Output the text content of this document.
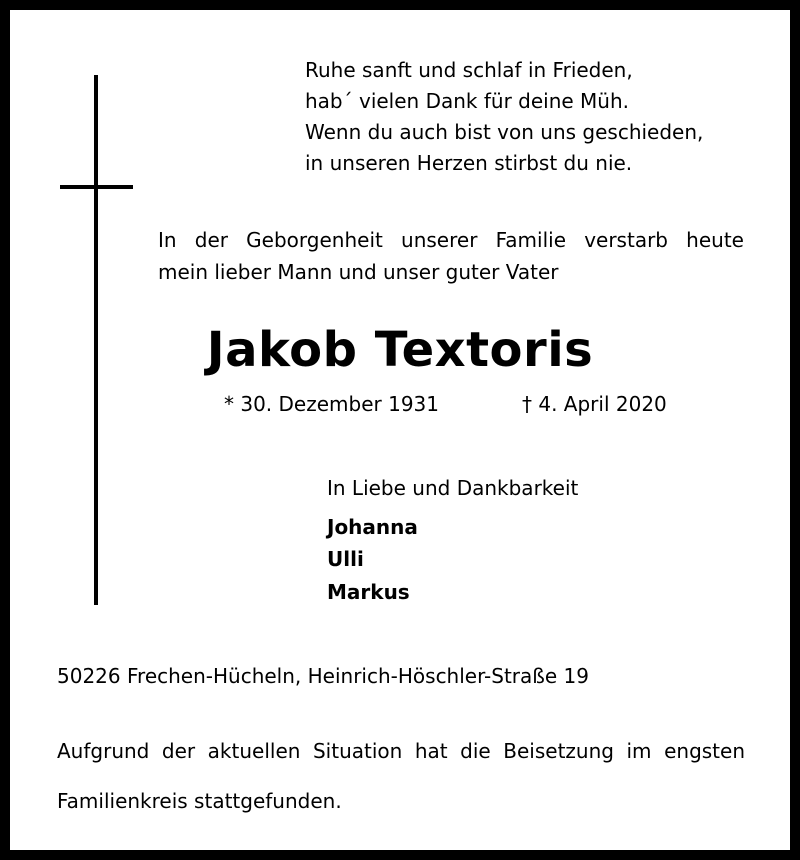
Ruhe sanft und schlaf in Frieden,
hab´ vielen Dank für deine Müh.
Wenn du auch bist von uns geschieden,
in unseren Herzen stirbst du nie.
In der Geborgenheit unserer Familie verstarb heute
mein lieber Mann und unser guter Vater
Jakob Textoris
* 30. Dezember 1931	† 4. April 2020
In Liebe und Dankbarkeit
Johanna
Ulli
Markus
50226 Frechen-Hücheln, Heinrich-Höschler-Straße 19
Aufgrund der aktuellen Situation hat die Beisetzung im engsten
Familienkreis stattgefunden.
